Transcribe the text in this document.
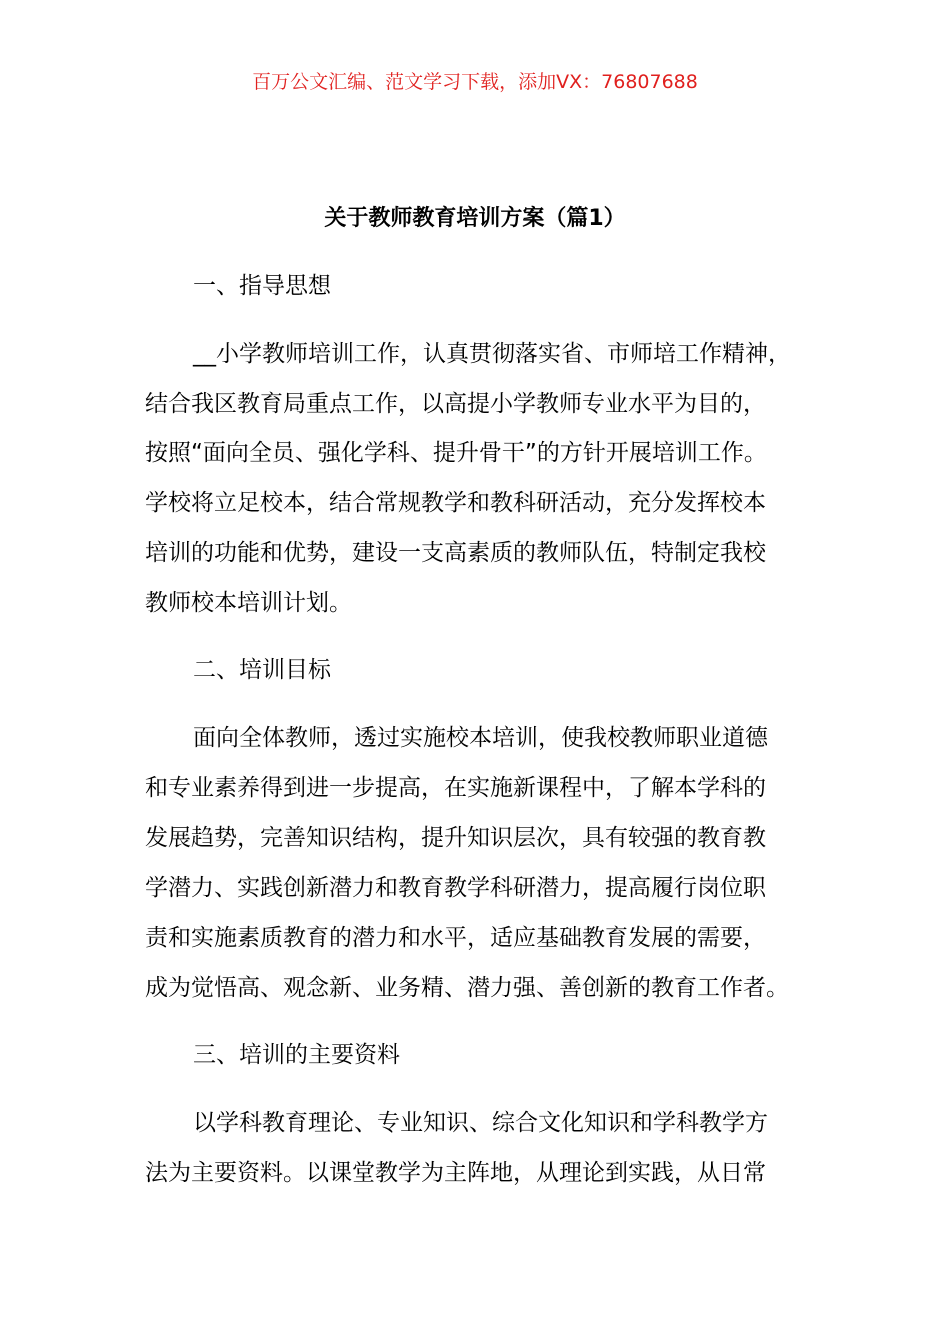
百万公文汇编、范文学习下载，添加VX：76807688
关于教师教育培训方案（篇1）
一、指导思想
__小学教师培训工作，认真贯彻落实省、市师培工作精神，
结合我区教育局重点工作，以高提小学教师专业水平为目的，
按照“面向全员、强化学科、提升骨干”的方针开展培训工作。
学校将立足校本，结合常规教学和教科研活动，充分发挥校本
培训的功能和优势，建设一支高素质的教师队伍，特制定我校
教师校本培训计划。
二、培训目标
面向全体教师，透过实施校本培训，使我校教师职业道德
和专业素养得到进一步提高，在实施新课程中，了解本学科的
发展趋势，完善知识结构，提升知识层次，具有较强的教育教
学潜力、实践创新潜力和教育教学科研潜力，提高履行岗位职
责和实施素质教育的潜力和水平，适应基础教育发展的需要，
成为觉悟高、观念新、业务精、潜力强、善创新的教育工作者。
三、培训的主要资料
以学科教育理论、专业知识、综合文化知识和学科教学方
法为主要资料。以课堂教学为主阵地，从理论到实践，从日常
